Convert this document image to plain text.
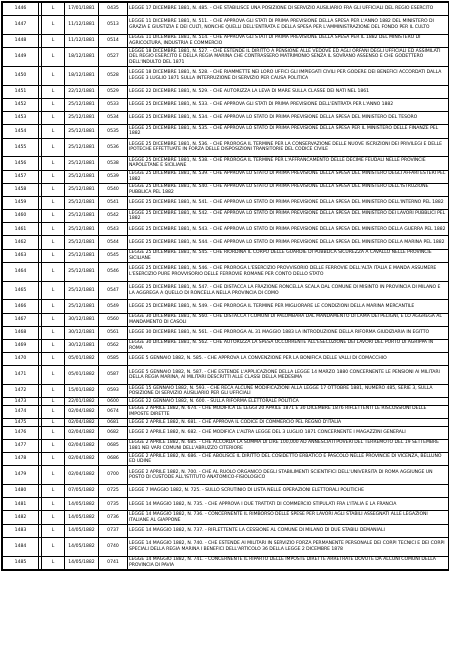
1446		L	17/01/1881	0435	LEGGE 17 DICEMBRE 1881, N. 485. - CHE STABILISCE UNA POSIZIONE DI SERVIZIO AUSILIARIO FRA GLI UFFICIALI DEL REGIO ESERCITO
1447		L	11/12/1881	0513	LEGGE 11 DICEMBRE 1881, N. 511. - CHE APPROVA GLI STATI DI PRIMA PREVISIONE DELLA SPESA PER L'ANNO 1882 DEL MINISTERO DI GRAZIA E GIUSTIZIA E DEI CULTI, NONCHE QUELLI DELL'ENTRATA E DELLA SPESA PER L'AMMINISTRAZIONE DEL FONDO PER IL CULTO
1448		L	11/12/1881	0514	LEGGE 11 DICEMBRE 1881, N. 514. - CHE APPROVA GLI STATI DI PRIMA PREVISIONE DELLA SPESA PER IL 1882 DEL MINISTERO DI AGRICOLTURA, INDUSTRIA E COMMERCIO
1449		L	18/12/1881	0527	LEGGE 18 DICEMBRE 1881, N. 527. - CHE ESTENDE IL DIRITTO A PENSIONE ALLE VEDOVE ED AGLI ORFANI DEGLI UFFICIALI ED ASSIMILATI DEL REGIO ESERCITO E DELLA REGIA MARINA CHE CONTRASSERO MATRIMONIO SENZA IL SOVRANO ASSENSO E CHE GODETTERO DELL'INDULTO DEL 1871
1450		L	18/12/1881	0528	LEGGE 18 DICEMBRE 1881, N. 528. - CHE RIAMMETTE NEI LORO UFFICI GLI IMPIEGATI CIVILI PER GODERE DEI BENEFICI ACCORDATI DALLA LEGGE 3 LUGLIO 1871 SULLA INTERRUZIONE DI SERVIZIO PER CAUSA POLITICA
1451		L	22/12/1881	0529	LEGGE 22 DICEMBRE 1881, N. 529. - CHE AUTORIZZA LA LEVA DI MARE SULLA CLASSE DEI NATI NEL 1861
1452		L	25/12/1881	0533	LEGGE 25 DICEMBRE 1881, N. 533. - CHE APPROVA GLI STATI DI PRIMA PREVISIONE DELL'ENTRATA PER L'ANNO 1882
1453		L	25/12/1881	0534	LEGGE 25 DICEMBRE 1881, N. 534. - CHE APPROVA LO STATO DI PRIMA PREVISIONE DELLA SPESA DEL MINISTERO DEL TESORO
1454		L	25/12/1881	0535	LEGGE 25 DICEMBRE 1881, N. 535. - CHE APPROVA LO STATO DI PRIMA PREVISIONE DELLA SPESA PER IL MINISTERO DELLE FINANZE PEL 1882
1455		L	25/12/1881	0536	LEGGE 25 DICEMBRE 1881, N. 536. - CHE PROROGA IL TERMINE PER LA CONSERVAZIONE DELLE NUOVE ISCRIZIONI DEI PRIVILEGI E DELLE IPOTECHE EFFETTUATE IN FORZA DELLE DISPOSIZIONI TRANSITORIE DEL CODICE CIVILE
1456		L	25/12/1881	0538	LEGGE 25 DICEMBRE 1881, N. 538. - CHE PROROGA IL TERMINE PER L'AFFRANCAMENTO DELLE DECIME FEUDALI NELLE PROVINCIE NAPOLETANE E SICILIANE
1457		L	25/12/1881	0539	LEGGE 25 DICEMBRE 1881, N. 539. - CHE APPROVA LO STATO DI PRIMA PREVISIONE DELLA SPESA DEL MINISTERO DEGLI AFFARI ESTERI PEL 1882
1458		L	25/12/1881	0540	LEGGE 25 DICEMBRE 1881, N. 540. - CHE APPROVA LO STATO DI PRIMA PREVISIONE DELLA SPESA DEL MINISTERO DELL'ISTRUZIONE PUBBLICA PEL 1882
1459		L	25/12/1881	0541	LEGGE 25 DICEMBRE 1881, N. 541. - CHE APPROVA LO STATO DI PRIMA PREVISIONE DELLA SPESA DEL MINISTERO DELL'INTERNO PEL 1882
1460		L	25/12/1881	0542	LEGGE 25 DICEMBRE 1881, N. 542. - CHE APPROVA LO STATO DI PRIMA PREVISIONE DELLA SPESA DEL MINISTERO DEI LAVORI PUBBLICI PEL 1882
1461		L	25/12/1881	0543	LEGGE 25 DICEMBRE 1881, N. 543. - CHE APPROVA LO STATO DI PRIMA PREVISIONE DELLA SPESA DEL MINISTERO DELLA GUERRA PEL 1882
1462		L	25/12/1881	0544	LEGGE 25 DICEMBRE 1881, N. 544. - CHE APPROVA LO STATO DI PRIMA PREVISIONE DELLA SPESA DEL MINISTERO DELLA MARINA PEL 1882
1463		L	25/12/1881	0545	LEGGE 25 DICEMBRE 1881, N. 545. - CHE RIORDINA IL CORPO DELLE GUARDIE DI PUBBLICA SICUREZZA A CAVALLO NELLE PROVINCIE SICILIANE
1464		L	25/12/1881	0546	LEGGE 25 DICEMBRE 1881, N. 546. - CHE PROROGA L'ESERCIZIO PROVVISORIO DELLE FERROVIE DELL'ALTA ITALIA E MANDA ASSUMERE L'ESERCIZIO PURE PROVVISORIO DELLE FERROVIE ROMANE PER CONTO DELLO STATO
1465		L	25/12/1881	0547	LEGGE 25 DICEMBRE 1881, N. 547. - CHE DISTACCA LA FRAZIONE RONCELLA SCALA DAL COMUNE DI MISINTO IN PROVINCIA DI MILANO E LA AGGREGA A QUELLO DI RONCELLA NELLA PROVINCIA DI COMO
1466		L	25/12/1881	0549	LEGGE 25 DICEMBRE 1881, N. 549. - CHE PROROGA IL TERMINE PER MIGLIORARE LE CONDIZIONI DELLA MARINA MERCANTILE
1467		L	30/12/1881	0560	LEGGE 30 DICEMBRE 1881, N. 560. - CHE DISTACCA I COMUNI DI PALOMBARA DAL MANDAMENTO DI LAMA DEI PELIGNI, E LO AGGREGA AL MANDAMENTO DI CASOLI
1468		L	30/12/1881	0561	LEGGE 30 DICEMBRE 1881, N. 561. - CHE PROROGA AL 31 MAGGIO 1883 LA INTRODUZIONE DELLA RIFORMA GIUDIZIARIA IN EGITTO
1469		L	30/12/1881	0562	LEGGE 30 DICEMBRE 1881, N. 562. - CHE AUTORIZZA LA SPESA OCCORRENTE ALL'ESECUZIONE DEI LAVORI DEL PORTO DI AGRIPPA IN ROMA
1470		L	05/01/1882	0585	LEGGE 5 GENNAIO 1882, N. 585. - CHE APPROVA LA CONVENZIONE PER LA BONIFICA DELLE VALLI DI COMACCHIO
1471		L	05/01/1882	0587	LEGGE 5 GENNAIO 1882, N. 587. - CHE ESTENDE L'APPLICAZIONE DELLA LEGGE 14 MARZO 1880 CONCERNENTE LE PENSIONI AI MILITARI DELLA REGIA MARINA, AI MILITARI DESCRITTI ALLE CLASSI DELLA MEDESIMA
1472		L	15/01/1882	0593	LEGGE 15 GENNAIO 1882, N. 593. - CHE RECA ALCUNE MODIFICAZIONI ALLA LEGGE 17 OTTOBRE 1881, NUMERO 485, SERIE 3, SULLA POSIZIONE DI SERVIZIO AUSILIARIO PER GLI UFFICIALI
1473		L	22/01/1882	0600	LEGGE 22 GENNAIO 1882, N. 600. - SULLA RIFORMA ELETTORALE POLITICA
1474		L	02/04/1882	0674	LEGGE 2 APRILE 1882, N. 674. - CHE MODIFICA LE LEGGI 20 APRILE 1871 E 30 DICEMBRE 1876 RIFLETTENTI LE RISCOSSIONI DELLE IMPOSTE DIRETTE
1475		L	02/04/1882	0681	LEGGE 2 APRILE 1882, N. 681. - CHE APPROVA IL CODICE DI COMMERCIO PEL REGNO D'ITALIA
1476		L	02/04/1882	0682	LEGGE 2 APRILE 1882, N. 682. - CHE MODIFICA L'ALTRA LEGGE DEL 3 LUGLIO 1871 CONCERNENTE I MAGAZZINI GENERALI
1477		L	02/04/1882	0685	LEGGE 2 APRILE 1882, N. 685. - CHE ACCORDA LA SOMMA DI LIRE 100,000 AD ANNESCIATI POVERI DEL TERREMOTO DEL 19 SETTEMBRE 1881 NEI VARI COMUNI DELL'ABRUZZO CITERIORE
1478		L	02/04/1882	0686	LEGGE 2 APRILE 1882, N. 686. - CHE ABOLISCE IL DIRITTO DEL COSIDETTO ERBATICO E PASCOLO NELLE PROVINCIE DI VICENZA, BELLUNO ED UDINE
1479		L	02/04/1882	0700	LEGGE 2 APRILE 1882, N. 700. - CHE AL RUOLO ORGANICO DEGLI STABILIMENTI SCIENTIFICI DELL'UNIVERSITA DI ROMA AGGIUNGE UN POSTO DI CUSTODE ALL'ISTITUTO ANATOMICO-FISIOLOGICO
1480		L	07/05/1882	0725	LEGGE 7 MAGGIO 1882, N. 725. - SULLO SCRUTINIO DI LISTA NELLE OPERAZIONI ELETTORALI POLITICHE
1481		L	14/05/1882	0735	LEGGE 14 MAGGIO 1882, N. 735. - CHE APPROVA I DUE TRATTATI DI COMMERCIO STIPULATI FRA L'ITALIA E LA FRANCIA
1482		L	14/05/1882	0736	LEGGE 14 MAGGIO 1882, N. 736. - CONCERNENTE IL RIMBORSO DELLE SPESE PER LAVORI AGLI STABILI ASSEGNATI ALLE LEGAZIONI ITALIANE AL GIAPPONE
1483		L	14/05/1882	0737	LEGGE 14 MAGGIO 1882, N. 737. - RIFLETTENTE LA CESSIONE AL COMUNE DI MILANO DI DUE STABILI DEMANIALI
1484		L	14/05/1882	0740	LEGGE 14 MAGGIO 1882, N. 740. - CHE ESTENDE AI MILITARI IN SERVIZIO FORZA PERMANENTE PERSONALE DEI CORPI TECNICI E DEI CORPI SPECIALI DELLA REGIA MARINA I BENEFICI DELL'ARTICOLO 36 DELLA LEGGE 2 DICEMBRE 1878
1485		L	14/05/1882	0741	LEGGE 14 MAGGIO 1882, N. 741. - CONCERNENTE IL RIPARTO DELLE IMPOSTE DIRETTE ARRETRATE DOVUTE DA ALCUNI COMUNI DELLA PROVINCIA DI PAVIA
